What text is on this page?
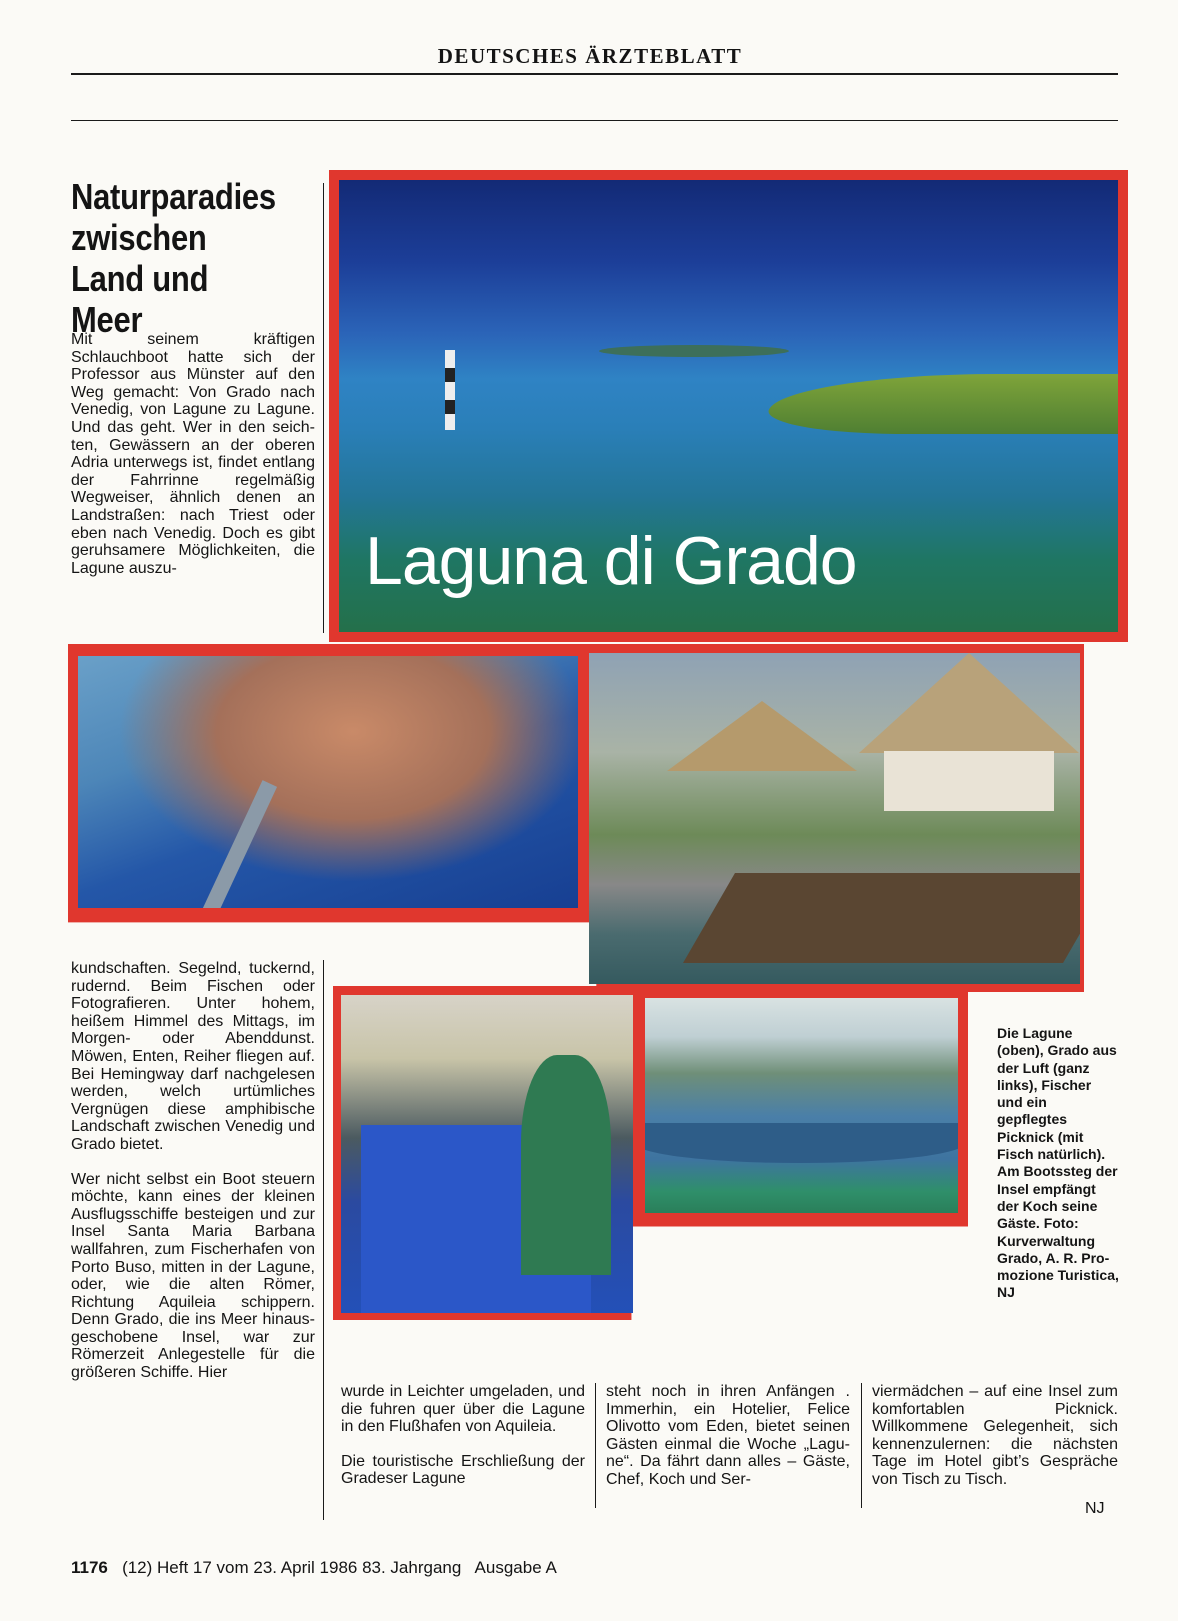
DEUTSCHES ÄRZTEBLATT
Naturparadies
zwischen
Land und Meer

Mit seinem kräftigen Schlauchboot hatte sich der Professor aus Münster auf den Weg gemacht: Von Grado nach Venedig, von Lagune zu Lagune. Und das geht. Wer in den seichten, Gewässern an der oberen Adria unterwegs ist, findet entlang der Fahrrinne regelmäßig Wegweiser, ähnlich denen an Landstraßen: nach Triest oder eben nach Venedig. Doch es gibt geruhsamere Möglichkeiten, die Lagune auszu-

kundschaften. Segelnd, tuckernd, rudernd. Beim Fischen oder Fotografieren. Unter hohem, heißem Himmel des Mittags, im Morgen- oder Abenddunst. Möwen, Enten, Reiher fliegen auf. Bei Hemingway darf nachgelesen werden, welch urtümliches Vergnügen diese amphibische Landschaft zwischen Venedig und Grado bietet.

Wer nicht selbst ein Boot steuern möchte, kann eines der kleinen Ausflugsschiffe besteigen und zur Insel Santa Maria Barbana wallfahren, zum Fischerhafen von Porto Buso, mitten in der Lagune, oder, wie die alten Römer, Richtung Aquileia schippern. Denn Grado, die ins Meer hinausgeschobene Insel, war zur Römerzeit Anlegestelle für die größeren Schiffe. Hier

Laguna di Grado

Die Lagune (oben), Grado aus der Luft (ganz links), Fischer und ein gepflegtes Picknick (mit Fisch natürlich). Am Bootssteg der Insel empfängt der Koch seine Gäste. Foto: Kurverwaltung Grado, A. R. Promozione Turistica, NJ

wurde in Leichter umgeladen, und die fuhren quer über die Lagune in den Flußhafen von Aquileia.

Die touristische Erschließung der Gradeser Lagune

steht noch in ihren Anfängen . Immerhin, ein Hotelier, Felice Olivotto vom Eden, bietet seinen Gästen einmal die Woche „Lagune“. Da fährt dann alles – Gäste, Chef, Koch und Ser-

viermädchen – auf eine Insel zum komfortablen Picknick. Willkommene Gelegenheit, sich kennenzulernen: die nächsten Tage im Hotel gibt’s Gespräche von Tisch zu Tisch.

NJ
1176 (12) Heft 17 vom 23. April 1986 83. Jahrgang   Ausgabe A
